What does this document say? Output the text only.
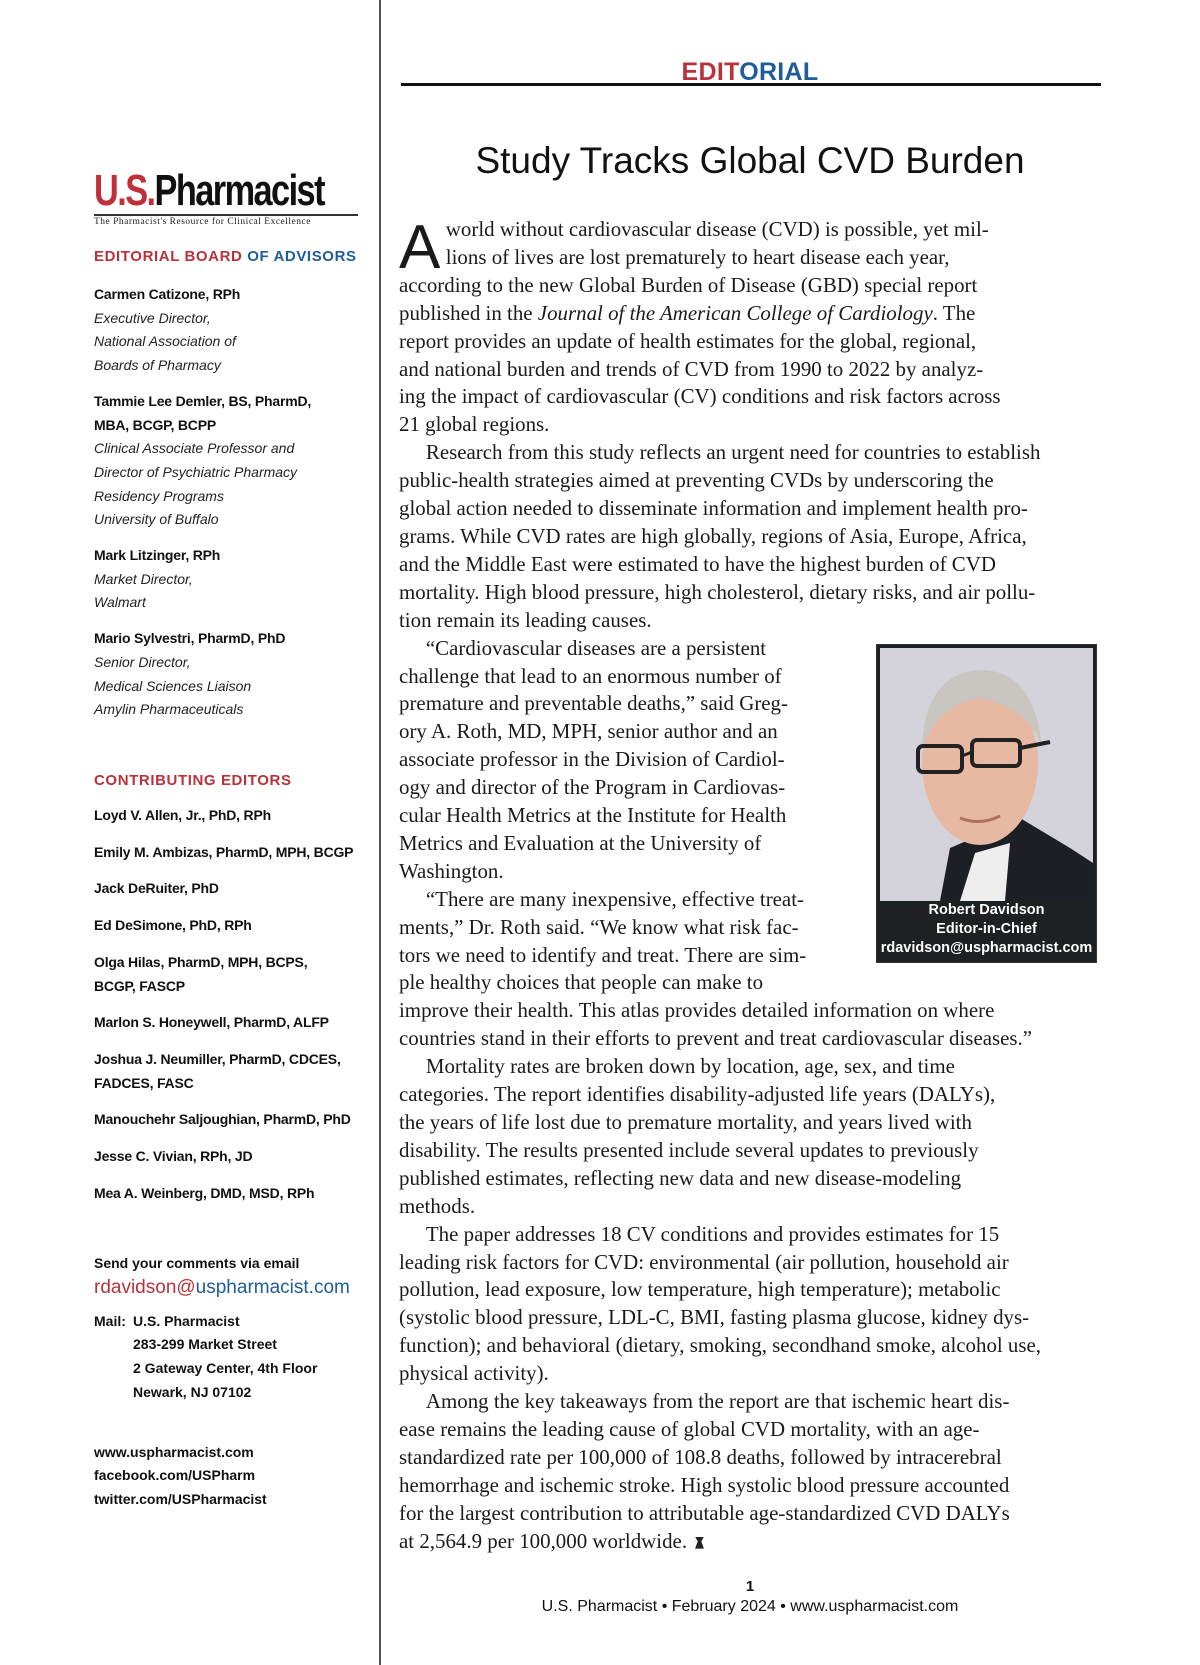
U.S.Pharmacist
The Pharmacist's Resource for Clinical Excellence
EDITORIAL BOARD OF ADVISORS
Carmen Catizone, RPh
Executive Director,
National Association of
Boards of Pharmacy
Tammie Lee Demler, BS, PharmD,
MBA, BCGP, BCPP
Clinical Associate Professor and
Director of Psychiatric Pharmacy
Residency Programs
University of Buffalo
Mark Litzinger, RPh
Market Director,
Walmart
Mario Sylvestri, PharmD, PhD
Senior Director,
Medical Sciences Liaison
Amylin Pharmaceuticals
CONTRIBUTING EDITORS
Loyd V. Allen, Jr., PhD, RPh
Emily M. Ambizas, PharmD, MPH, BCGP
Jack DeRuiter, PhD
Ed DeSimone, PhD, RPh
Olga Hilas, PharmD, MPH, BCPS,
BCGP, FASCP
Marlon S. Honeywell, PharmD, ALFP
Joshua J. Neumiller, PharmD, CDCES,
FADCES, FASC
Manouchehr Saljoughian, PharmD, PhD
Jesse C. Vivian, RPh, JD
Mea A. Weinberg, DMD, MSD, RPh
Send your comments via email
rdavidson@uspharmacist.com
Mail: U.S. Pharmacist
283-299 Market Street
2 Gateway Center, 4th Floor
Newark, NJ 07102
www.uspharmacist.com
facebook.com/USPharm
twitter.com/USPharmacist
EDITORIAL
Study Tracks Global CVD Burden
A world without cardiovascular disease (CVD) is possible, yet mil-
lions of lives are lost prematurely to heart disease each year,
according to the new Global Burden of Disease (GBD) special report
published in the Journal of the American College of Cardiology. The
report provides an update of health estimates for the global, regional,
and national burden and trends of CVD from 1990 to 2022 by analyz-
ing the impact of cardiovascular (CV) conditions and risk factors across
21 global regions.
Research from this study reflects an urgent need for countries to establish
public-health strategies aimed at preventing CVDs by underscoring the
global action needed to disseminate information and implement health pro-
grams. While CVD rates are high globally, regions of Asia, Europe, Africa,
and the Middle East were estimated to have the highest burden of CVD
mortality. High blood pressure, high cholesterol, dietary risks, and air pollu-
tion remain its leading causes.
“Cardiovascular diseases are a persistent
challenge that lead to an enormous number of
premature and preventable deaths,” said Greg-
ory A. Roth, MD, MPH, senior author and an
associate professor in the Division of Cardiol-
ogy and director of the Program in Cardiovas-
cular Health Metrics at the Institute for Health
Metrics and Evaluation at the University of
Washington.
“There are many inexpensive, effective treat-
ments,” Dr. Roth said. “We know what risk fac-
tors we need to identify and treat. There are sim-
ple healthy choices that people can make to
improve their health. This atlas provides detailed information on where
countries stand in their efforts to prevent and treat cardiovascular diseases.”
Mortality rates are broken down by location, age, sex, and time
categories. The report identifies disability-adjusted life years (DALYs),
the years of life lost due to premature mortality, and years lived with
disability. The results presented include several updates to previously
published estimates, reflecting new data and new disease-modeling
methods.
The paper addresses 18 CV conditions and provides estimates for 15
leading risk factors for CVD: environmental (air pollution, household air
pollution, lead exposure, low temperature, high temperature); metabolic
(systolic blood pressure, LDL-C, BMI, fasting plasma glucose, kidney dys-
function); and behavioral (dietary, smoking, secondhand smoke, alcohol use,
physical activity).
Among the key takeaways from the report are that ischemic heart dis-
ease remains the leading cause of global CVD mortality, with an age-
standardized rate per 100,000 of 108.8 deaths, followed by intracerebral
hemorrhage and ischemic stroke. High systolic blood pressure accounted
for the largest contribution to attributable age-standardized CVD DALYs
at 2,564.9 per 100,000 worldwide.
Robert Davidson
Editor-in-Chief
rdavidson@uspharmacist.com
1
U.S. Pharmacist • February 2024 • www.uspharmacist.com
